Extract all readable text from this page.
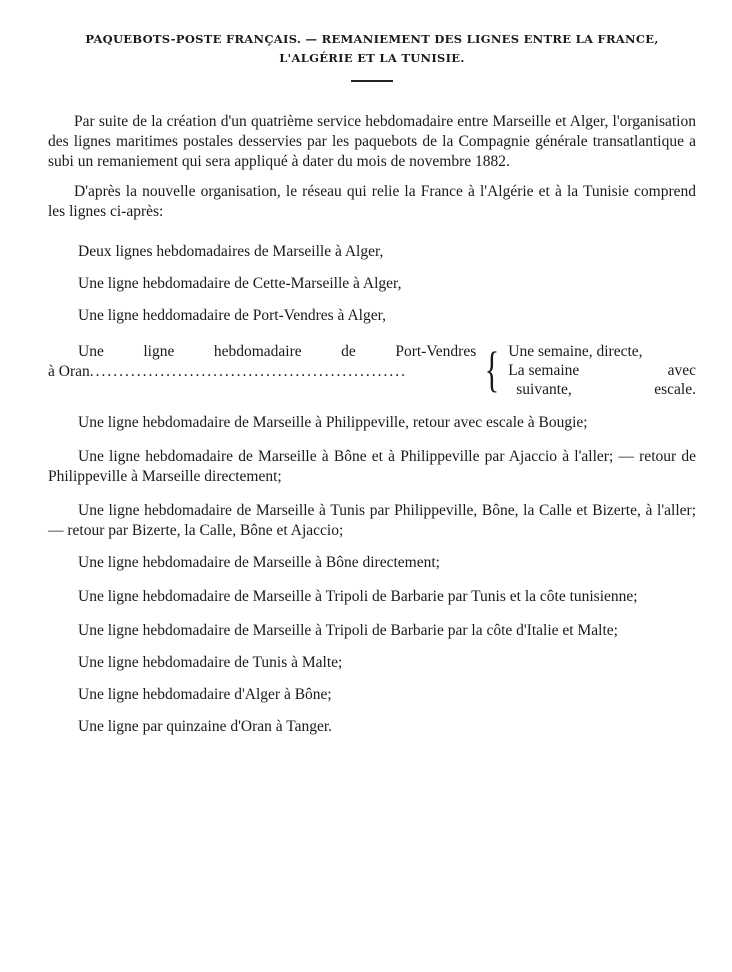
PAQUEBOTS-POSTE FRANÇAIS. — REMANIEMENT DES LIGNES ENTRE LA FRANCE,
L'ALGÉRIE ET LA TUNISIE.

Par suite de la création d'un quatrième service hebdomadaire entre Marseille et Alger, l'organisation des lignes maritimes postales desservies par les paquebots de la Compagnie générale transatlantique a subi un remaniement qui sera appliqué à dater du mois de novembre 1882.

D'après la nouvelle organisation, le réseau qui relie la France à l'Algérie et à la Tunisie comprend les lignes ci-après:

Deux lignes hebdomadaires de Marseille à Alger,

Une ligne hebdomadaire de Cette-Marseille à Alger,

Une ligne heddomadaire de Port-Vendres à Alger,

Une	ligne	hebdomadaire	de	Port-Vendres
à Oran ......................................................	{ Une semaine, directe,
La semaine	avec
suivante,	escale.

Une ligne hebdomadaire de Marseille à Philippeville, retour avec escale à Bougie;

Une ligne hebdomadaire de Marseille à Bône et à Philippeville par Ajaccio à l'aller; — retour de Philippeville à Marseille directement;

Une ligne hebdomadaire de Marseille à Tunis par Philippeville, Bône, la Calle et Bizerte, à l'aller; — retour par Bizerte, la Calle, Bône et Ajaccio;

Une ligne hebdomadaire de Marseille à Bône directement;

Une ligne hebdomadaire de Marseille à Tripoli de Barbarie par Tunis et la côte tunisienne;

Une ligne hebdomadaire de Marseille à Tripoli de Barbarie par la côte d'Italie et Malte;

Une ligne hebdomadaire de Tunis à Malte;

Une ligne hebdomadaire d'Alger à Bône;

Une ligne par quinzaine d'Oran à Tanger.
